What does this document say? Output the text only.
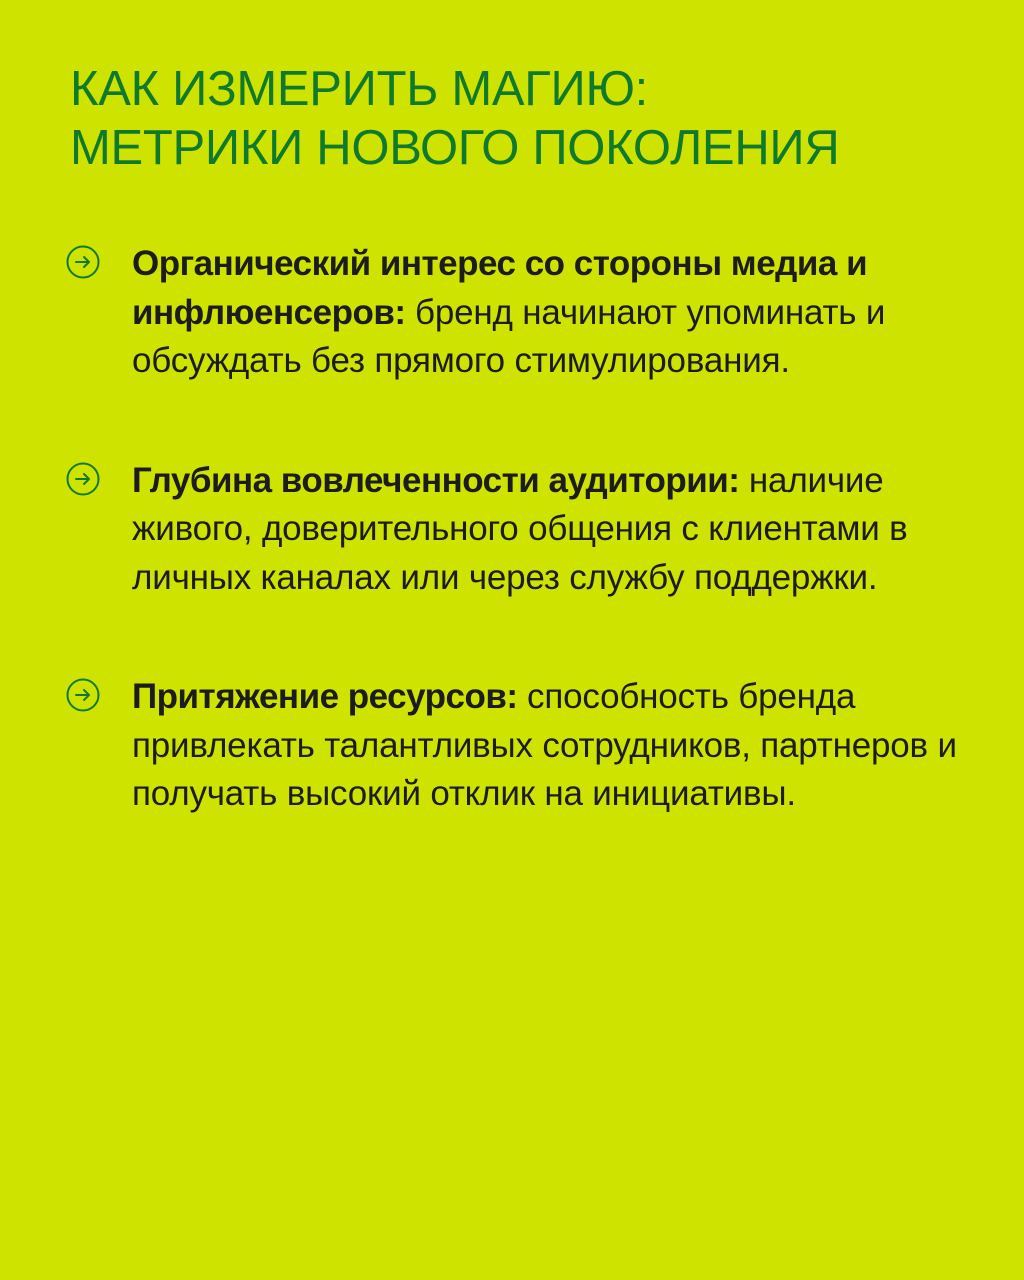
КАК ИЗМЕРИТЬ МАГИЮ:
МЕТРИКИ НОВОГО ПОКОЛЕНИЯ

Органический интерес со стороны медиа и инфлюенсеров: бренд начинают упоминать и обсуждать без прямого стимулирования.

Глубина вовлеченности аудитории: наличие живого, доверительного общения с клиентами в личных каналах или через службу поддержки.

Притяжение ресурсов: способность бренда привлекать талантливых сотрудников, партнеров и получать высокий отклик на инициативы.
